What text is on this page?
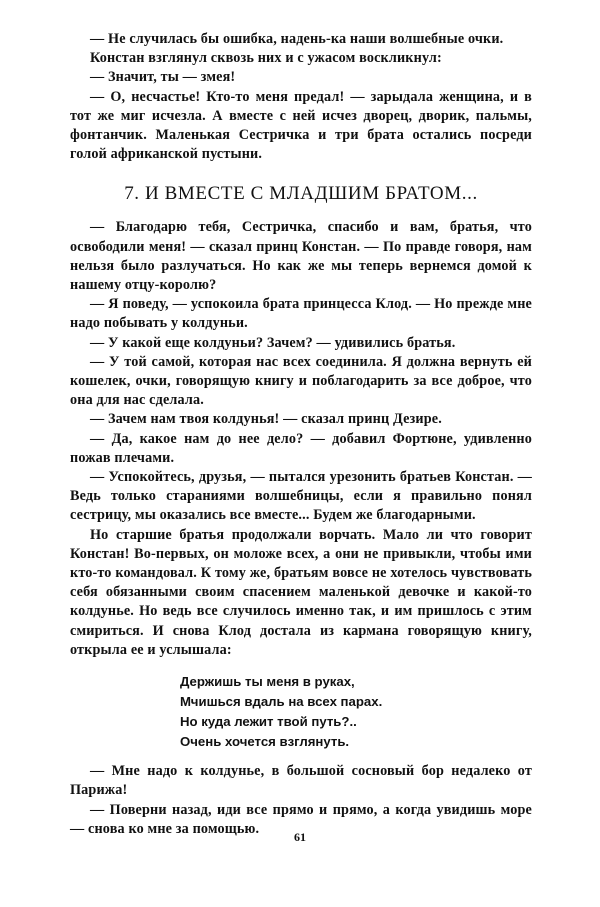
— Не случилась бы ошибка, надень-ка наши волшебные очки.

Констан взглянул сквозь них и с ужасом воскликнул:

— Значит, ты — змея!

— О, несчастье! Кто-то меня предал! — зарыдала женщина, и в тот же миг исчезла. А вместе с ней исчез дворец, дворик, пальмы, фонтанчик. Маленькая Сестричка и три брата остались посреди голой африканской пустыни.

7. И ВМЕСТЕ С МЛАДШИМ БРАТОМ...

— Благодарю тебя, Сестричка, спасибо и вам, братья, что освободили меня! — сказал принц Констан. — По правде говоря, нам нельзя было разлучаться. Но как же мы теперь вернемся домой к нашему отцу-королю?

— Я поведу, — успокоила брата принцесса Клод. — Но прежде мне надо побывать у колдуньи.

— У какой еще колдуньи? Зачем? — удивились братья.

— У той самой, которая нас всех соединила. Я должна вернуть ей кошелек, очки, говорящую книгу и поблагодарить за все доброе, что она для нас сделала.

— Зачем нам твоя колдунья! — сказал принц Дезире.

— Да, какое нам до нее дело? — добавил Фортюне, удивленно пожав плечами.

— Успокойтесь, друзья, — пытался урезонить братьев Констан. — Ведь только стараниями волшебницы, если я правильно понял сестрицу, мы оказались все вместе... Будем же благодарными.

Но старшие братья продолжали ворчать. Мало ли что говорит Констан! Во-первых, он моложе всех, а они не привыкли, чтобы ими кто-то командовал. К тому же, братьям вовсе не хотелось чувствовать себя обязанными своим спасением маленькой девочке и какой-то колдунье. Но ведь все случилось именно так, и им пришлось с этим смириться. И снова Клод достала из кармана говорящую книгу, открыла ее и услышала:

Держишь ты меня в руках,
Мчишься вдаль на всех парах.
Но куда лежит твой путь?..
Очень хочется взглянуть.

— Мне надо к колдунье, в большой сосновый бор недалеко от Парижа!

— Поверни назад, иди все прямо и прямо, а когда увидишь море — снова ко мне за помощью.

61
